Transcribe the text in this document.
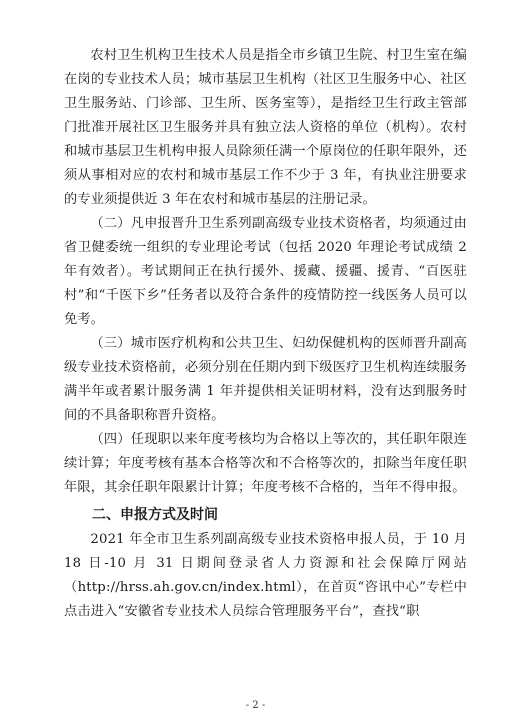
农村卫生机构卫生技术人员是指全市乡镇卫生院、村卫生室在编在岗的专业技术人员；城市基层卫生机构（社区卫生服务中心、社区卫生服务站、门诊部、卫生所、医务室等），是指经卫生行政主管部门批准开展社区卫生服务并具有独立法人资格的单位（机构）。农村和城市基层卫生机构申报人员除须任满一个原岗位的任职年限外，还须从事相对应的农村和城市基层工作不少于 3 年，有执业注册要求的专业须提供近 3 年在农村和城市基层的注册记录。

（二）凡申报晋升卫生系列副高级专业技术资格者，均须通过由省卫健委统一组织的专业理论考试（包括 2020 年理论考试成绩 2 年有效者）。考试期间正在执行援外、援藏、援疆、援青、“百医驻村”和“千医下乡”任务者以及符合条件的疫情防控一线医务人员可以免考。

（三）城市医疗机构和公共卫生、妇幼保健机构的医师晋升副高级专业技术资格前，必须分别在任期内到下级医疗卫生机构连续服务满半年或者累计服务满 1 年并提供相关证明材料，没有达到服务时间的不具备职称晋升资格。

（四）任现职以来年度考核均为合格以上等次的，其任职年限连续计算；年度考核有基本合格等次和不合格等次的，扣除当年度任职年限，其余任职年限累计计算；年度考核不合格的，当年不得申报。

二、申报方式及时间

2021 年全市卫生系列副高级专业技术资格申报人员，于 10 月 18 日-10 月 31 日期间登录省人力资源和社会保障厅网站（http://hrss.ah.gov.cn/index.html），在首页“咨讯中心”专栏中点击进入“安徽省专业技术人员综合管理服务平台”，查找“职

- 2 -
